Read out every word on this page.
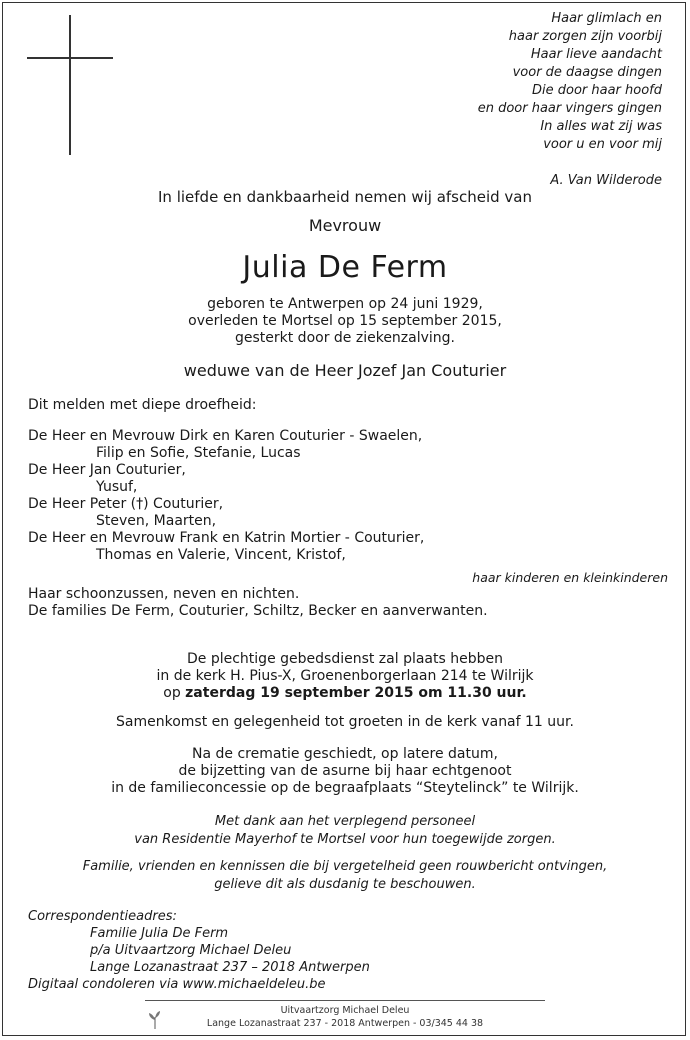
Haar glimlach en
haar zorgen zijn voorbij
Haar lieve aandacht
voor de daagse dingen
Die door haar hoofd
en door haar vingers gingen
In alles wat zij was
voor u en voor mij
A. Van Wilderode
In liefde en dankbaarheid nemen wij afscheid van
Mevrouw
Julia De Ferm
geboren te Antwerpen op 24 juni 1929,
overleden te Mortsel op 15 september 2015,
gesterkt door de ziekenzalving.
weduwe van de Heer Jozef Jan Couturier
Dit melden met diepe droefheid:
De Heer en Mevrouw Dirk en Karen Couturier - Swaelen,
Filip en Sofie, Stefanie, Lucas
De Heer Jan Couturier,
Yusuf,
De Heer Peter (†) Couturier,
Steven, Maarten,
De Heer en Mevrouw Frank en Katrin Mortier - Couturier,
Thomas en Valerie, Vincent, Kristof,
haar kinderen en kleinkinderen
Haar schoonzussen, neven en nichten.
De families De Ferm, Couturier, Schiltz, Becker en aanverwanten.
De plechtige gebedsdienst zal plaats hebben
in de kerk H. Pius-X, Groenenborgerlaan 214 te Wilrijk
op zaterdag 19 september 2015 om 11.30 uur.
Samenkomst en gelegenheid tot groeten in de kerk vanaf 11 uur.
Na de crematie geschiedt, op latere datum,
de bijzetting van de asurne bij haar echtgenoot
in de familieconcessie op de begraafplaats “Steytelinck” te Wilrijk.
Met dank aan het verplegend personeel
van Residentie Mayerhof te Mortsel voor hun toegewijde zorgen.
Familie, vrienden en kennissen die bij vergetelheid geen rouwbericht ontvingen,
gelieve dit als dusdanig te beschouwen.
Correspondentieadres:
Familie Julia De Ferm
p/a Uitvaartzorg Michael Deleu
Lange Lozanastraat 237 – 2018 Antwerpen
Digitaal condoleren via www.michaeldeleu.be
Uitvaartzorg Michael Deleu
Lange Lozanastraat 237 - 2018 Antwerpen - 03/345 44 38
